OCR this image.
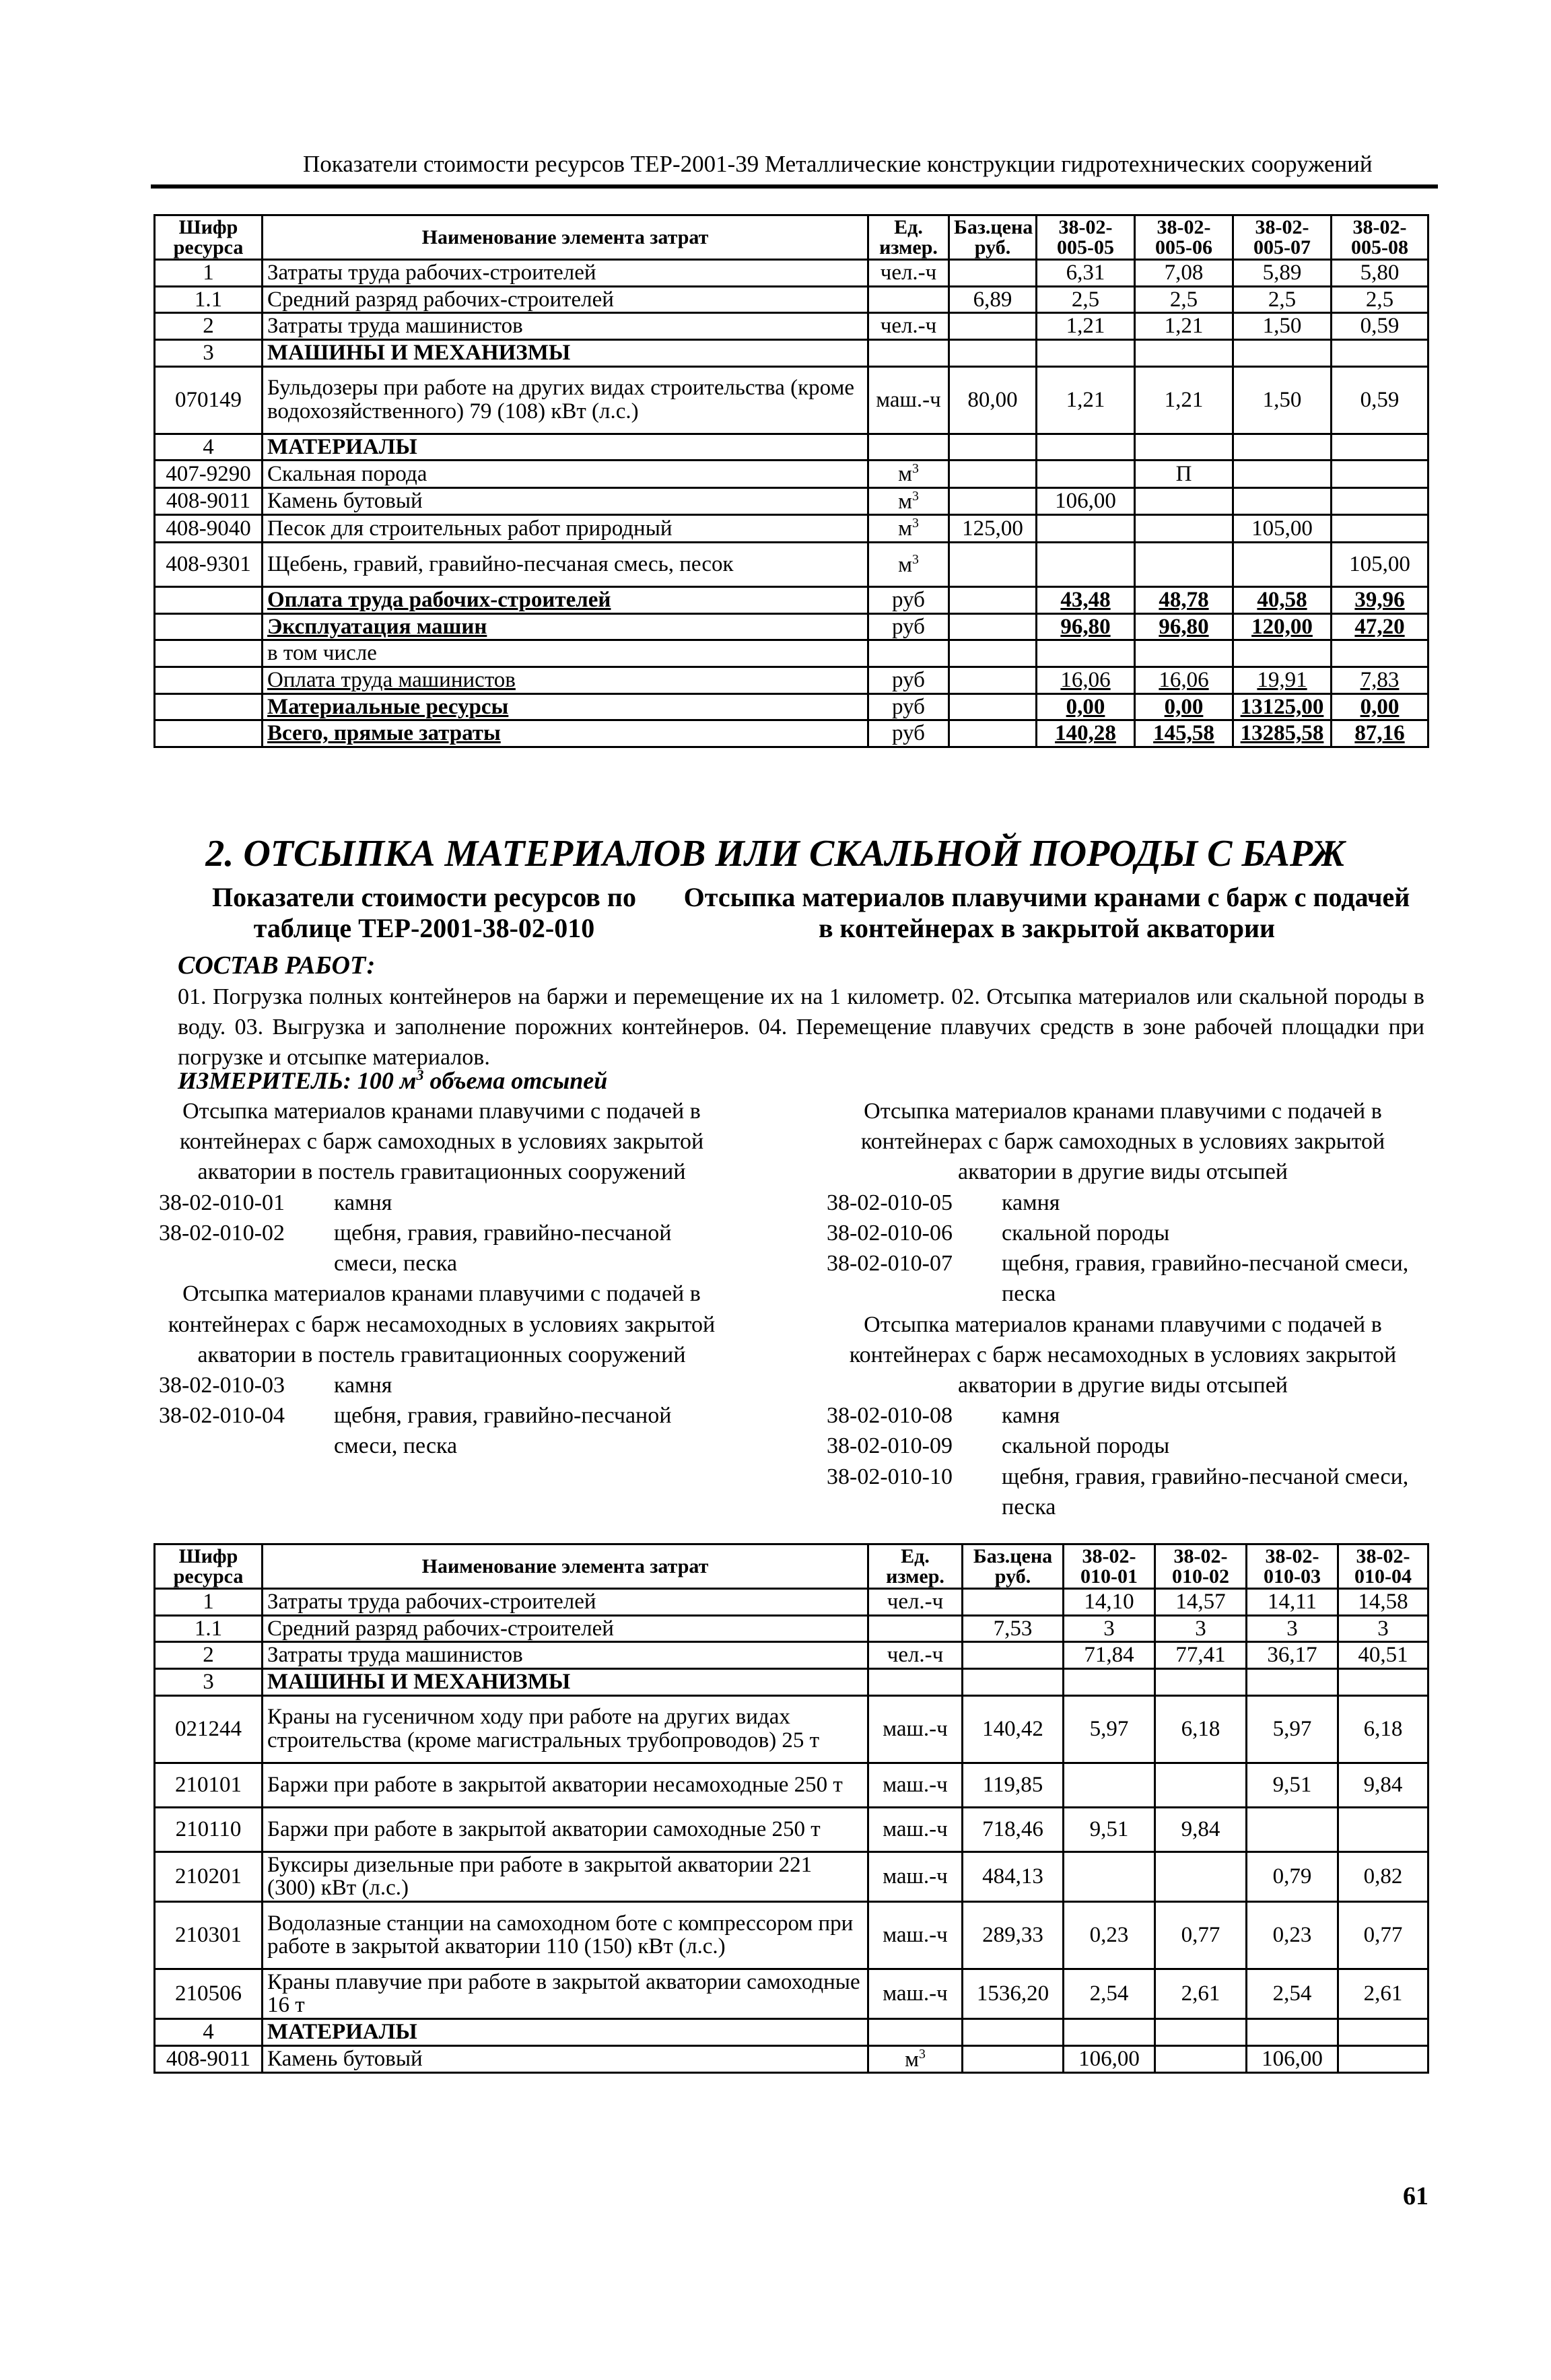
Показатели стоимости ресурсов ТЕР-2001-39 Металлические конструкции гидротехнических сооружений
Шифр ресурса	Наименование элемента затрат	Ед. измер.	Баз.цена руб.	38-02-005-05	38-02-005-06	38-02-005-07	38-02-005-08
1	Затраты труда рабочих-строителей	чел.-ч		6,31	7,08	5,89	5,80
1.1	Средний разряд рабочих-строителей		6,89	2,5	2,5	2,5	2,5
2	Затраты труда машинистов	чел.-ч		1,21	1,21	1,50	0,59
3	МАШИНЫ И МЕХАНИЗМЫ						
070149	Бульдозеры при работе на других видах строительства (кроме водохозяйственного) 79 (108) кВт (л.с.)	маш.-ч	80,00	1,21	1,21	1,50	0,59
4	МАТЕРИАЛЫ						
407-9290	Скальная порода	$м^3$			П		
408-9011	Камень бутовый	$м^3$		106,00			
408-9040	Песок для строительных работ природный	$м^3$	125,00			105,00	
408-9301	Щебень, гравий, гравийно-песчаная смесь, песок	$м^3$					105,00
	Оплата труда рабочих-строителей	руб		43,48	48,78	40,58	39,96
	Эксплуатация машин	руб		96,80	96,80	120,00	47,20
	в том числе						
	Оплата труда машинистов	руб		16,06	16,06	19,91	7,83
	Материальные ресурсы	руб		0,00	0,00	13125,00	0,00
	Всего, прямые затраты	руб		140,28	145,58	13285,58	87,16
2. ОТСЫПКА МАТЕРИАЛОВ ИЛИ СКАЛЬНОЙ ПОРОДЫ С БАРЖ
Показатели стоимости ресурсов по таблице ТЕР-2001-38-02-010
Отсыпка материалов плавучими кранами с барж с подачей в контейнерах в закрытой акватории
СОСТАВ РАБОТ:
01. Погрузка полных контейнеров на баржи и перемещение их на 1 километр. 02. Отсыпка материалов или скальной породы в воду. 03. Выгрузка и заполнение порожних контейнеров. 04. Перемещение плавучих средств в зоне рабочей площадки при погрузке и отсыпке материалов.
ИЗМЕРИТЕЛЬ: 100 $м^3$ объема отсыпей
Отсыпка материалов кранами плавучими с подачей в контейнерах с барж самоходных в условиях закрытой акватории в постель гравитационных сооружений
38-02-010-01	камня
38-02-010-02	щебня, гравия, гравийно-песчаной смеси, песка
Отсыпка материалов кранами плавучими с подачей в контейнерах с барж несамоходных в условиях закрытой акватории в постель гравитационных сооружений
38-02-010-03	камня
38-02-010-04	щебня, гравия, гравийно-песчаной смеси, песка
Отсыпка материалов кранами плавучими с подачей в контейнерах с барж самоходных в условиях закрытой акватории в другие виды отсыпей
38-02-010-05	камня
38-02-010-06	скальной породы
38-02-010-07	щебня, гравия, гравийно-песчаной смеси, песка
Отсыпка материалов кранами плавучими с подачей в контейнерах с барж несамоходных в условиях закрытой акватории в другие виды отсыпей
38-02-010-08	камня
38-02-010-09	скальной породы
38-02-010-10	щебня, гравия, гравийно-песчаной смеси, песка
Шифр ресурса	Наименование элемента затрат	Ед. измер.	Баз.цена руб.	38-02-010-01	38-02-010-02	38-02-010-03	38-02-010-04
1	Затраты труда рабочих-строителей	чел.-ч		14,10	14,57	14,11	14,58
1.1	Средний разряд рабочих-строителей		7,53	3	3	3	3
2	Затраты труда машинистов	чел.-ч		71,84	77,41	36,17	40,51
3	МАШИНЫ И МЕХАНИЗМЫ						
021244	Краны на гусеничном ходу при работе на других видах строительства (кроме магистральных трубопроводов) 25 т	маш.-ч	140,42	5,97	6,18	5,97	6,18
210101	Баржи при работе в закрытой акватории несамоходные 250 т	маш.-ч	119,85			9,51	9,84
210110	Баржи при работе в закрытой акватории самоходные 250 т	маш.-ч	718,46	9,51	9,84		
210201	Буксиры дизельные при работе в закрытой акватории 221 (300) кВт (л.с.)	маш.-ч	484,13			0,79	0,82
210301	Водолазные станции на самоходном боте с компрессором при работе в закрытой акватории 110 (150) кВт (л.с.)	маш.-ч	289,33	0,23	0,77	0,23	0,77
210506	Краны плавучие при работе в закрытой акватории самоходные 16 т	маш.-ч	1536,20	2,54	2,61	2,54	2,61
4	МАТЕРИАЛЫ						
408-9011	Камень бутовый	$м^3$		106,00		106,00	
61
